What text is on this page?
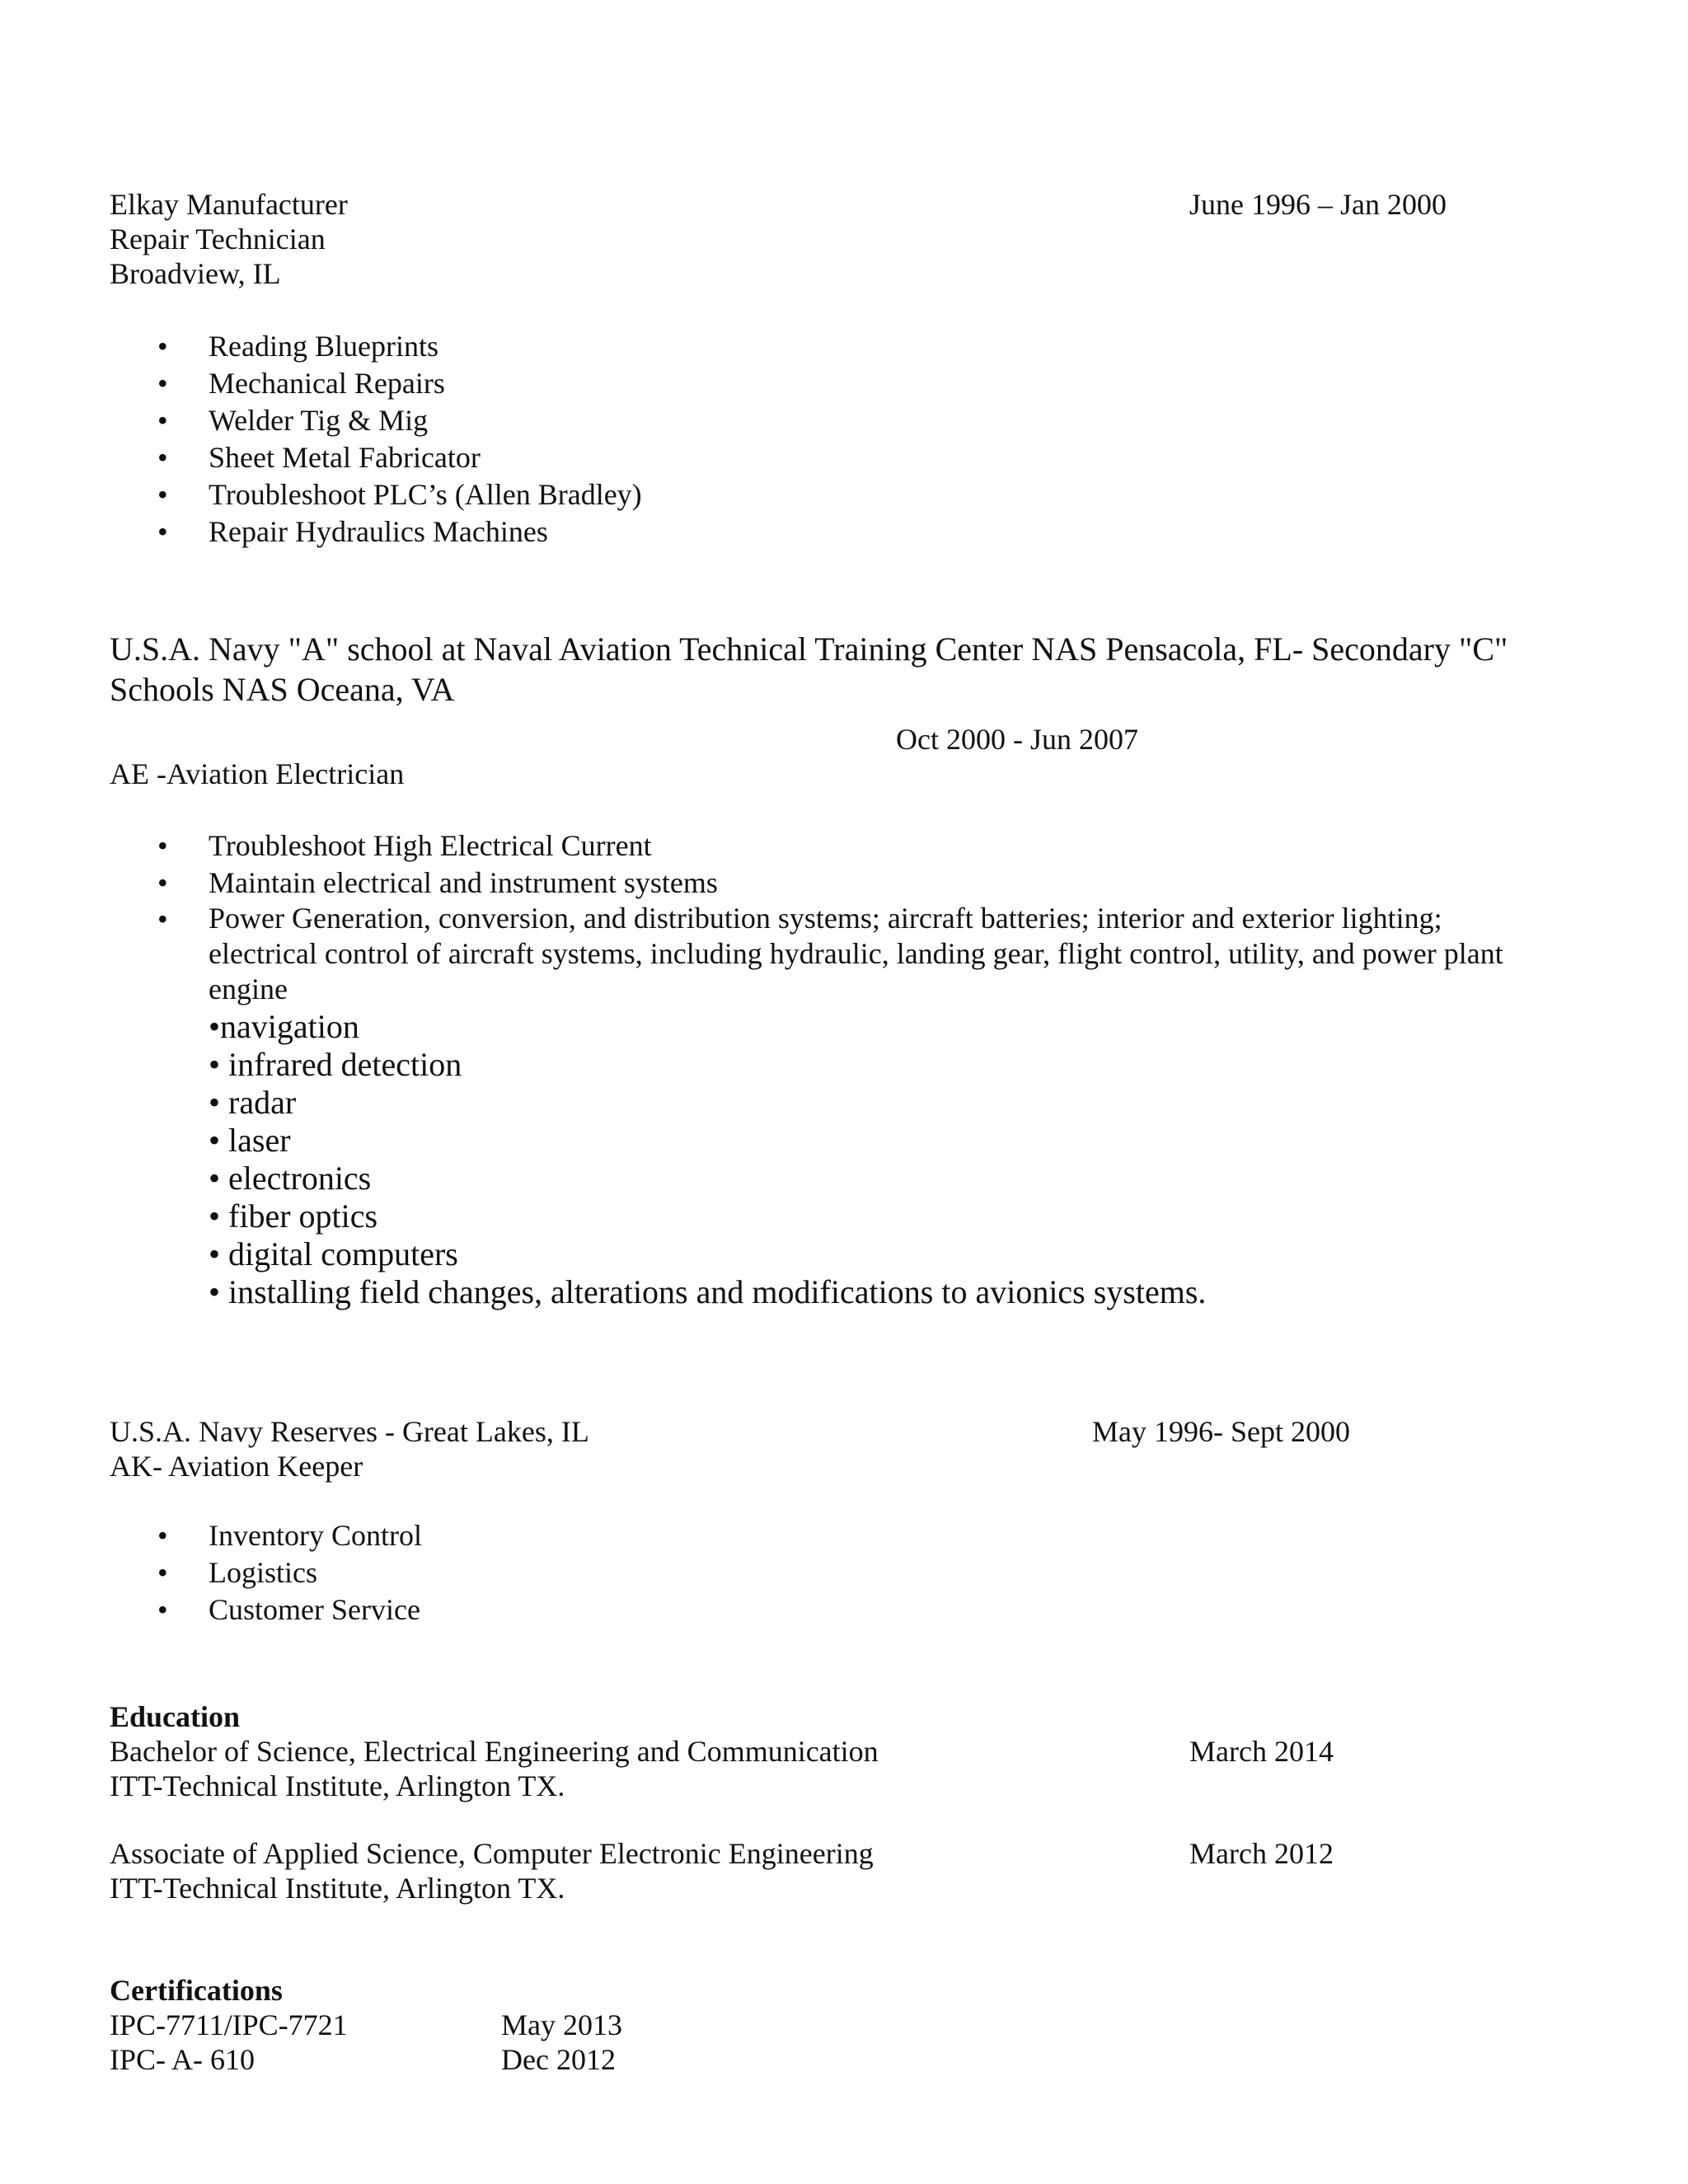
Elkay Manufacturer	June 1996 – Jan 2000
Repair Technician
Broadview, IL
• Reading Blueprints
• Mechanical Repairs
• Welder Tig & Mig
• Sheet Metal Fabricator
• Troubleshoot PLC’s (Allen Bradley)
• Repair Hydraulics Machines
U.S.A. Navy "A" school at Naval Aviation Technical Training Center NAS Pensacola, FL- Secondary "C"
Schools NAS Oceana, VA
Oct 2000 - Jun 2007
AE -Aviation Electrician
• Troubleshoot High Electrical Current
• Maintain electrical and instrument systems
• Power Generation, conversion, and distribution systems; aircraft batteries; interior and exterior lighting; electrical control of aircraft systems, including hydraulic, landing gear, flight control, utility, and power plant engine
•navigation
• infrared detection
• radar
• laser
• electronics
• fiber optics
• digital computers
• installing field changes, alterations and modifications to avionics systems.
U.S.A. Navy Reserves - Great Lakes, IL	May 1996- Sept 2000
AK- Aviation Keeper
• Inventory Control
• Logistics
• Customer Service
Education
Bachelor of Science, Electrical Engineering and Communication	March 2014
ITT-Technical Institute, Arlington TX.
Associate of Applied Science, Computer Electronic Engineering	March 2012
ITT-Technical Institute, Arlington TX.
Certifications
IPC-7711/IPC-7721	May 2013
IPC- A- 610	Dec 2012
